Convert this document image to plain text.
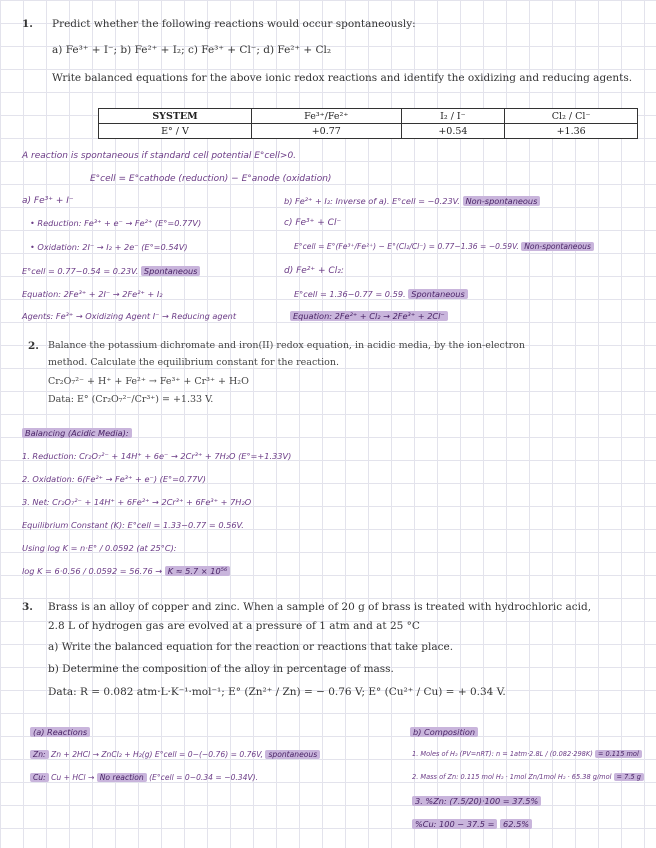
1. Predict whether the following reactions would occur spontaneously:
a) Fe³⁺ + I⁻; b) Fe²⁺ + I₂; c) Fe³⁺ + Cl⁻; d) Fe²⁺ + Cl₂
Write balanced equations for the above ionic redox reactions and identify the oxidizing and reducing agents.
SYSTEM	Fe³⁺/Fe²⁺	I₂ / I⁻	Cl₂ / Cl⁻
E° / V	+0.77	+0.54	+1.36
A reaction is spontaneous if standard cell potential E°cell>0.
E°cell = E°cathode (reduction) − E°anode (oxidation)
a) Fe³⁺ + I⁻
• Reduction: Fe³⁺ + e⁻ → Fe²⁺ (E°=0.77V)
• Oxidation: 2I⁻ → I₂ + 2e⁻ (E°=0.54V)
E°cell = 0.77−0.54 = 0.23V. Spontaneous
Equation: 2Fe³⁺ + 2I⁻ → 2Fe²⁺ + I₂
Agents: Fe³⁺ → Oxidizing Agent I⁻ → Reducing agent
b) Fe²⁺ + I₂: Inverse of a). E°cell = −0.23V. Non-spontaneous
c) Fe³⁺ + Cl⁻
E°cell = E°(Fe³⁺/Fe²⁺) − E°(Cl₂/Cl⁻) = 0.77−1.36 = −0.59V. Non-spontaneous
d) Fe²⁺ + Cl₂:
E°cell = 1.36−0.77 = 0.59. Spontaneous
Equation: 2Fe²⁺ + Cl₂ → 2Fe³⁺ + 2Cl⁻
2. Balance the potassium dichromate and iron(II) redox equation, in acidic media, by the ion-electron
method. Calculate the equilibrium constant for the reaction.
Cr₂O₇²⁻ + H⁺ + Fe²⁺ → Fe³⁺ + Cr³⁺ + H₂O
Data: E° (Cr₂O₇²⁻/Cr³⁺) = +1.33 V.
Balancing (Acidic Media):
1. Reduction: Cr₂O₇²⁻ + 14H⁺ + 6e⁻ → 2Cr³⁺ + 7H₂O (E°=+1.33V)
2. Oxidation: 6(Fe²⁺ → Fe³⁺ + e⁻) (E°=0.77V)
3. Net: Cr₂O₇²⁻ + 14H⁺ + 6Fe²⁺ → 2Cr³⁺ + 6Fe³⁺ + 7H₂O
Equilibrium Constant (K): E°cell = 1.33−0.77 = 0.56V.
Using log K = n·E° / 0.0592 (at 25°C):
log K = 6·0.56 / 0.0592 = 56.76 → K ≈ 5.7 × 10⁵⁶
3. Brass is an alloy of copper and zinc. When a sample of 20 g of brass is treated with hydrochloric acid,
2.8 L of hydrogen gas are evolved at a pressure of 1 atm and at 25 °C
a) Write the balanced equation for the reaction or reactions that take place.
b) Determine the composition of the alloy in percentage of mass.
Data: R = 0.082 atm·L·K⁻¹·mol⁻¹; E° (Zn²⁺ / Zn) = − 0.76 V; E° (Cu²⁺ / Cu) = + 0.34 V.
(a) Reactions
Zn: Zn + 2HCl → ZnCl₂ + H₂(g) E°cell = 0−(−0.76) = 0.76V, spontaneous
Cu: Cu + HCl → No reaction (E°cell = 0−0.34 = −0.34V).
b) Composition
1. Moles of H₂ (PV=nRT): n = 1atm·2.8L / (0.082·298K) = 0.115 mol
2. Mass of Zn: 0.115 mol H₂ · 1mol Zn/1mol H₂ · 65.38 g/mol = 7.5 g
3. %Zn: (7.5/20)·100 = 37.5%
%Cu: 100 − 37.5 = 62.5%
